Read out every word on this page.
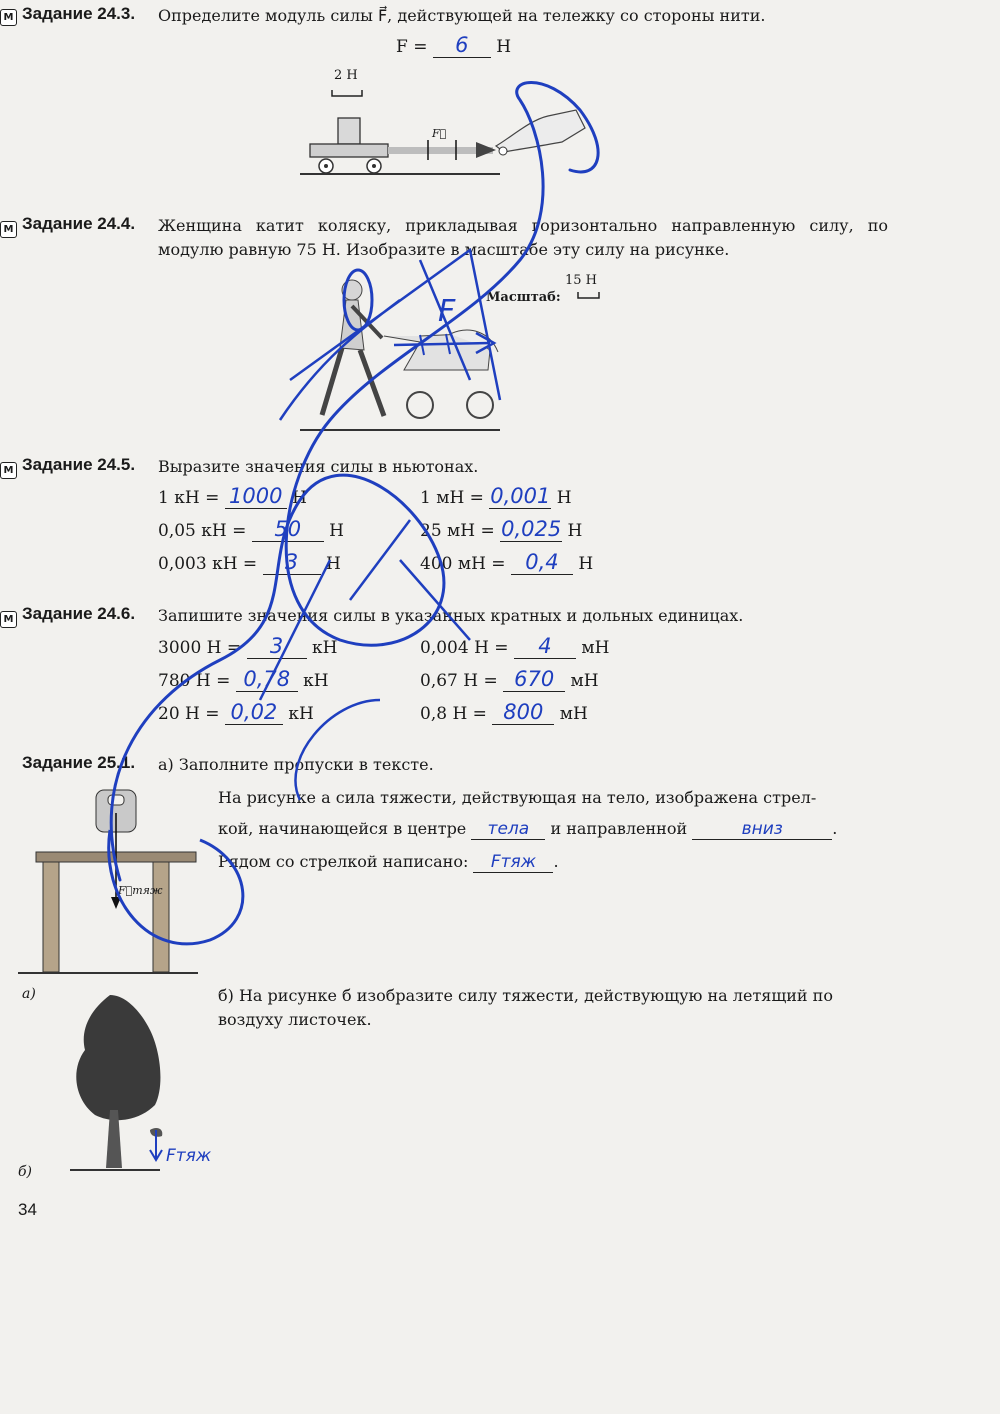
М Задание 24.3. Определите модуль силы F⃗, действующей на тележку со стороны нити.
F = 6 Н
2 Н
F⃗
М Задание 24.4. Женщина катит коляску, прикладывая горизонтально направленную силу, по модулю равную 75 Н. Изобразите в масштабе эту силу на рисунке.
15 Н
Масштаб:
F
М Задание 24.5. Выразите значения силы в ньютонах.
1 кН = 1000 Н	1 мН = 0,001 Н
0,05 кН = 50 Н	25 мН = 0,025 Н
0,003 кН = 3 Н	400 мН = 0,4 Н
М Задание 24.6. Запишите значения силы в указанных кратных и дольных единицах.
3000 Н = 3 кН	0,004 Н = 4 мН
780 Н = 0,78 кН	0,67 Н = 670 мН
20 Н = 0,02 кН	0,8 Н = 800 мН
Задание 25.1. а) Заполните пропуски в тексте.
На рисунке а сила тяжести, действующая на тело, изображена стрел-
кой, начинающейся в центре тела и направленной	вниз	.
Рядом со стрелкой написано: Fтяж .
F⃗тяж
а)	б) На рисунке б изобразите силу тяжести, действующую на летящий по воздуху листочек.
Fтяж
б)
34
